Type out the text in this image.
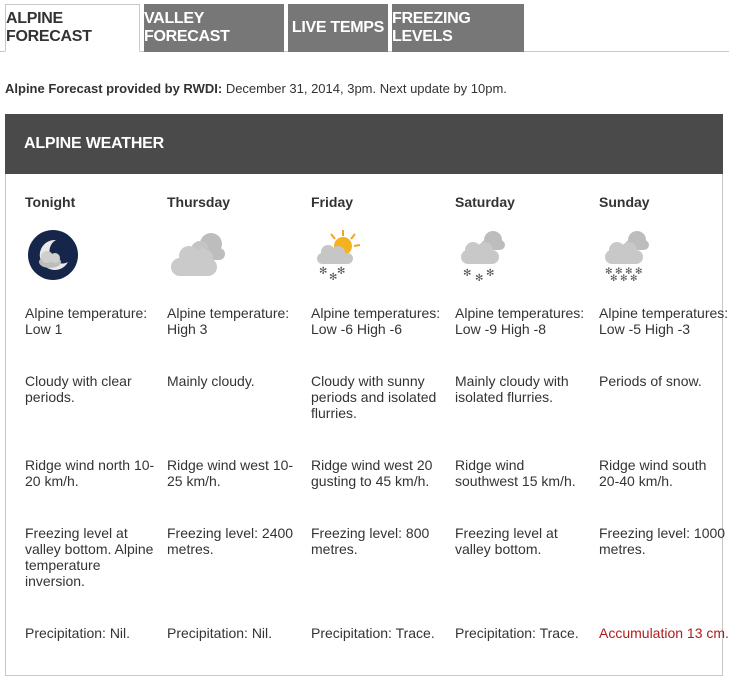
ALPINE FORECAST
VALLEY FORECAST
LIVE TEMPS
FREEZING LEVELS
Alpine Forecast provided by RWDI: December 31, 2014, 3pm. Next update by 10pm.
ALPINE WEATHER
Tonight
Alpine temperature: Low 1
Cloudy with clear periods.
Ridge wind north 10-20 km/h.
Freezing level at valley bottom. Alpine temperature inversion.
Precipitation: Nil.
Thursday
Alpine temperature: High 3
Mainly cloudy.
Ridge wind west 10-25 km/h.
Freezing level: 2400 metres.
Precipitation: Nil.
Friday
✻
✻
✻
Alpine temperatures: Low -6 High -6
Cloudy with sunny periods and isolated flurries.
Ridge wind west 20 gusting to 45 km/h.
Freezing level: 800 metres.
Precipitation: Trace.
Saturday
✻ ✻ ✻
Alpine temperatures: Low -9 High -8
Mainly cloudy with isolated flurries.
Ridge wind southwest 15 km/h.
Freezing level at valley bottom.
Precipitation: Trace.
Sunday
✻ ✻ ✻ ✻
✻ ✻ ✻
Alpine temperatures: Low -5 High -3
Periods of snow.
Ridge wind south 20-40 km/h.
Freezing level: 1000 metres.
Accumulation 13 cm.
